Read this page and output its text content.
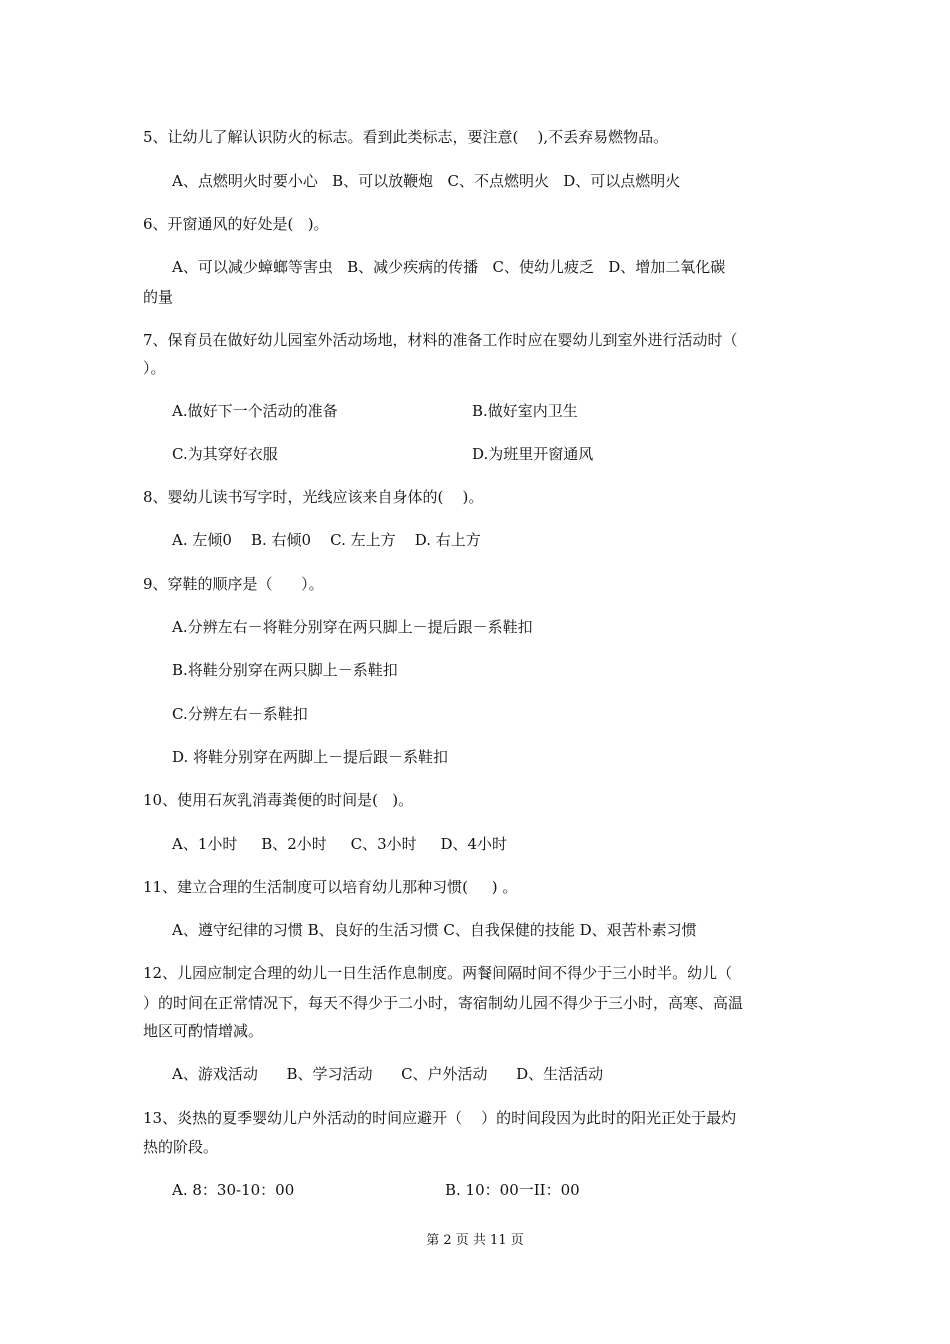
5、让幼儿了解认识防火的标志。看到此类标志，要注意(    ),不丢弃易燃物品。
A、点燃明火时要小心   B、可以放鞭炮   C、不点燃明火   D、可以点燃明火
6、开窗通风的好处是(   )。
A、可以减少蟑螂等害虫   B、减少疾病的传播   C、使幼儿疲乏   D、增加二氧化碳
的量
7、保育员在做好幼儿园室外活动场地，材料的准备工作时应在婴幼儿到室外进行活动时（
）。
A.做好下一个活动的准备	B.做好室内卫生
C.为其穿好衣服	D.为班里开窗通风
8、婴幼儿读书写字时，光线应该来自身体的(    )。
A. 左倾0    B. 右倾0    C. 左上方    D. 右上方
9、穿鞋的顺序是（      ）。
A.分辨左右－将鞋分别穿在两只脚上－提后跟－系鞋扣
B.将鞋分别穿在两只脚上－系鞋扣
C.分辨左右－系鞋扣
D. 将鞋分别穿在两脚上－提后跟－系鞋扣
10、使用石灰乳消毒粪便的时间是(   )。
A、1小时     B、2小时     C、3小时     D、4小时
11、建立合理的生活制度可以培育幼儿那种习惯(     ) 。
A、遵守纪律的习惯 B、良好的生活习惯 C、自我保健的技能 D、艰苦朴素习惯
12、儿园应制定合理的幼儿一日生活作息制度。两餐间隔时间不得少于三小时半。幼儿（
）的时间在正常情况下，每天不得少于二小时，寄宿制幼儿园不得少于三小时，高寒、高温
地区可酌情增减。
A、游戏活动      B、学习活动      C、户外活动      D、生活活动
13、炎热的夏季婴幼儿户外活动的时间应避开（    ）的时间段因为此时的阳光正处于最灼
热的阶段。
A. 8：30-10：00	B. 10：00一II：00
第 2 页 共 11 页
